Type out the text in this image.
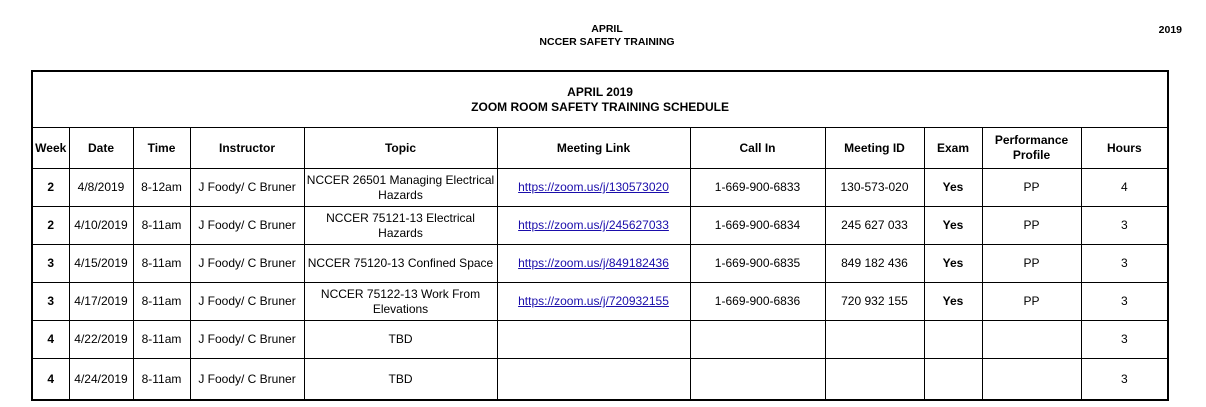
APRIL
NCCER SAFETY TRAINING
2019
APRIL 2019
ZOOM ROOM SAFETY TRAINING SCHEDULE										

Week	Date	Time	Instructor	Topic	Meeting Link	Call In	Meeting ID	Exam	Performance Profile	Hours
2	4/8/2019	8-12am	J Foody/ C Bruner	NCCER 26501 Managing Electrical Hazards	https://zoom.us/j/130573020	1-669-900-6833	130-573-020	Yes	PP	4
2	4/10/2019	8-11am	J Foody/ C Bruner	NCCER 75121-13 Electrical Hazards	https://zoom.us/j/245627033	1-669-900-6834	245 627 033	Yes	PP	3
3	4/15/2019	8-11am	J Foody/ C Bruner	NCCER 75120-13 Confined Space	https://zoom.us/j/849182436	1-669-900-6835	849 182 436	Yes	PP	3
3	4/17/2019	8-11am	J Foody/ C Bruner	NCCER 75122-13 Work From Elevations	https://zoom.us/j/720932155	1-669-900-6836	720 932 155	Yes	PP	3
4	4/22/2019	8-11am	J Foody/ C Bruner	TBD						3
4	4/24/2019	8-11am	J Foody/ C Bruner	TBD						3
